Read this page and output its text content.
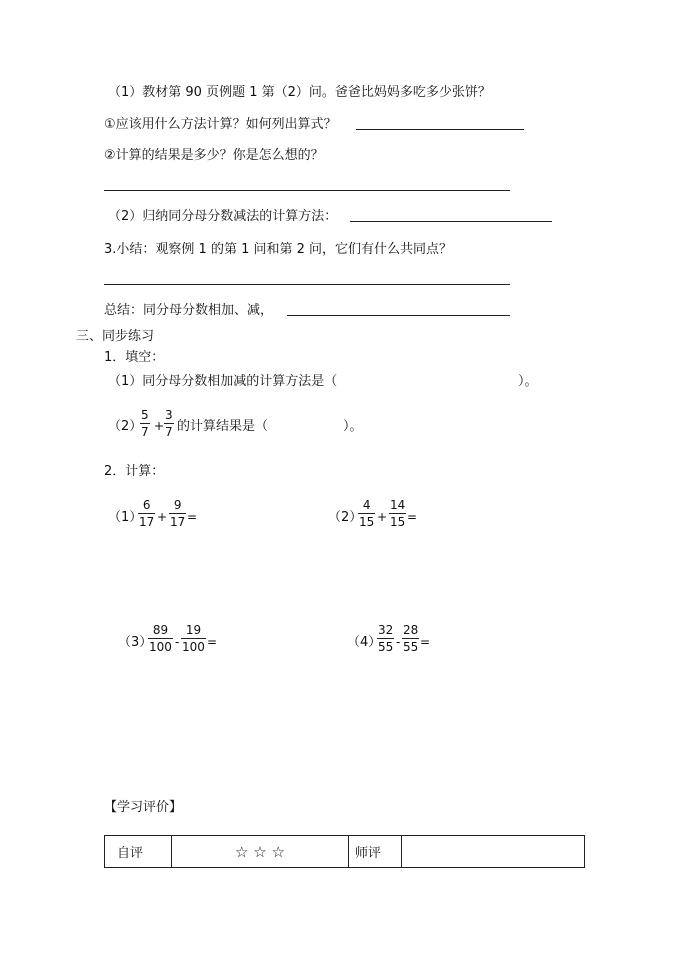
（1）教材第 90 页例题 1 第（2）问。爸爸比妈妈多吃多少张饼？
①应该用什么方法计算？如何列出算式？
②计算的结果是多少？你是怎么想的？
（2）归纳同分母分数减法的计算方法：
3.小结：观察例 1 的第 1 问和第 2 问，它们有什么共同点？
总结：同分母分数相加、减，
三、同步练习
1．填空：
（1）同分母分数相加减的计算方法是（	）。
（2）
5
7 +
3
7 的计算结果是（	）。
2．计算：
（1）
6
17 +
9
17 =	（2）
4
15 +
14
15 =
（3）
89
100 -
19
100 =	（4）
32
55 -
28
55 =
【学习评价】
自评	☆ ☆ ☆	师评	
